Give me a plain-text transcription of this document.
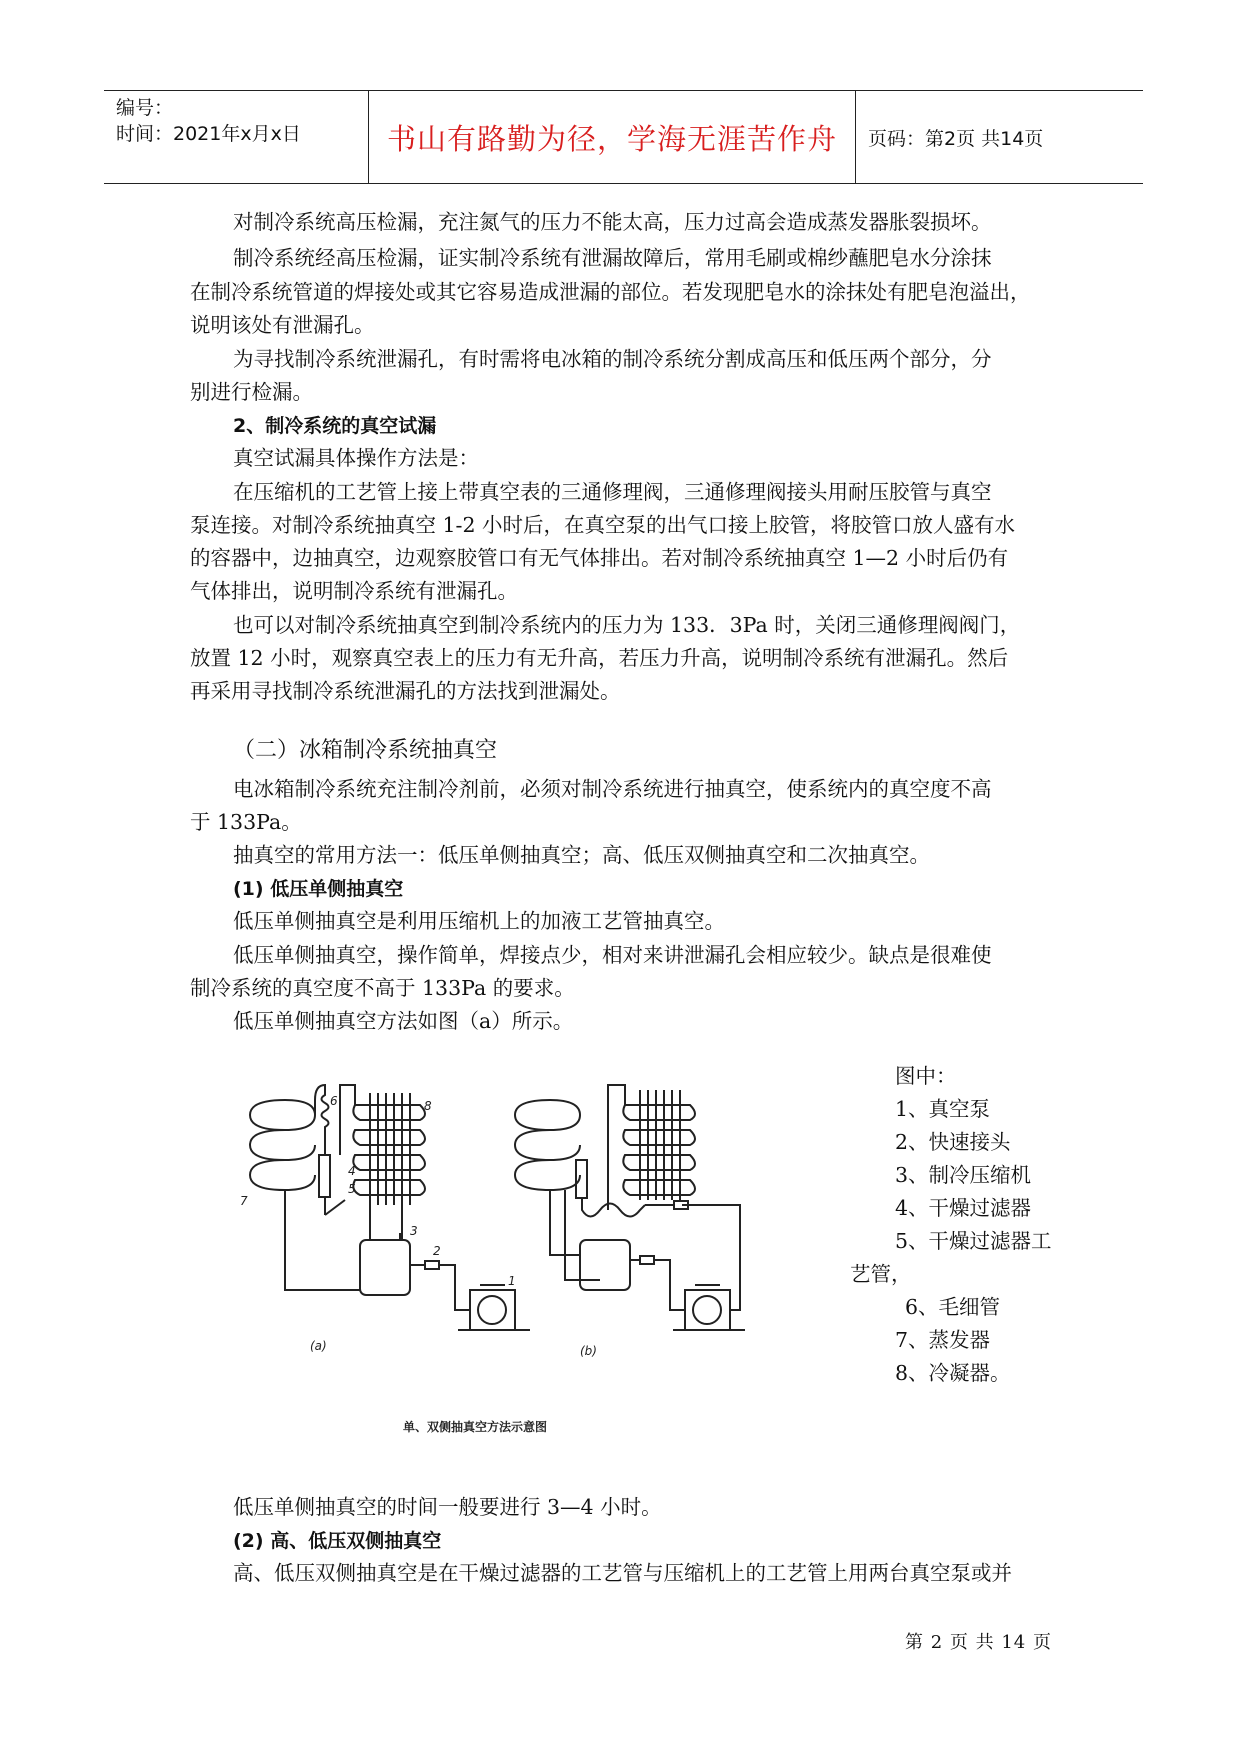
编号：
时间：2021年x月x日	书山有路勤为径，学海无涯苦作舟	页码：第2页 共14页
对制冷系统高压检漏，充注氮气的压力不能太高，压力过高会造成蒸发器胀裂损坏。
制冷系统经高压检漏，证实制冷系统有泄漏故障后，常用毛刷或棉纱蘸肥皂水分涂抹
在制冷系统管道的焊接处或其它容易造成泄漏的部位。若发现肥皂水的涂抹处有肥皂泡溢出，
说明该处有泄漏孔。
为寻找制冷系统泄漏孔，有时需将电冰箱的制冷系统分割成高压和低压两个部分，分
别进行检漏。
2、制冷系统的真空试漏
真空试漏具体操作方法是：
在压缩机的工艺管上接上带真空表的三通修理阀，三通修理阀接头用耐压胶管与真空
泵连接。对制冷系统抽真空 1-2 小时后，在真空泵的出气口接上胶管，将胶管口放人盛有水
的容器中，边抽真空，边观察胶管口有无气体排出。若对制冷系统抽真空 1—2 小时后仍有
气体排出，说明制冷系统有泄漏孔。
也可以对制冷系统抽真空到制冷系统内的压力为 133．3Pa 时，关闭三通修理阀阀门，
放置 12 小时，观察真空表上的压力有无升高，若压力升高，说明制冷系统有泄漏孔。然后
再采用寻找制冷系统泄漏孔的方法找到泄漏处。
（二）冰箱制冷系统抽真空
电冰箱制冷系统充注制冷剂前，必须对制冷系统进行抽真空，使系统内的真空度不高
于 133Pa。
抽真空的常用方法一：低压单侧抽真空；高、低压双侧抽真空和二次抽真空。
(1) 低压单侧抽真空
低压单侧抽真空是利用压缩机上的加液工艺管抽真空。
低压单侧抽真空，操作简单，焊接点少，相对来讲泄漏孔会相应较少。缺点是很难使
制冷系统的真空度不高于 133Pa 的要求。
低压单侧抽真空方法如图（a）所示。
8
6
4
5
7
3
2
1
(a)	(b)
单、双侧抽真空方法示意图
图中：
1、真空泵
2、快速接头
3、制冷压缩机
4、干燥过滤器
5、干燥过滤器工
艺管，
6、毛细管
7、蒸发器
8、冷凝器。
低压单侧抽真空的时间一般要进行 3—4 小时。
(2) 高、低压双侧抽真空
高、低压双侧抽真空是在干燥过滤器的工艺管与压缩机上的工艺管上用两台真空泵或并
第 2 页 共 14 页
